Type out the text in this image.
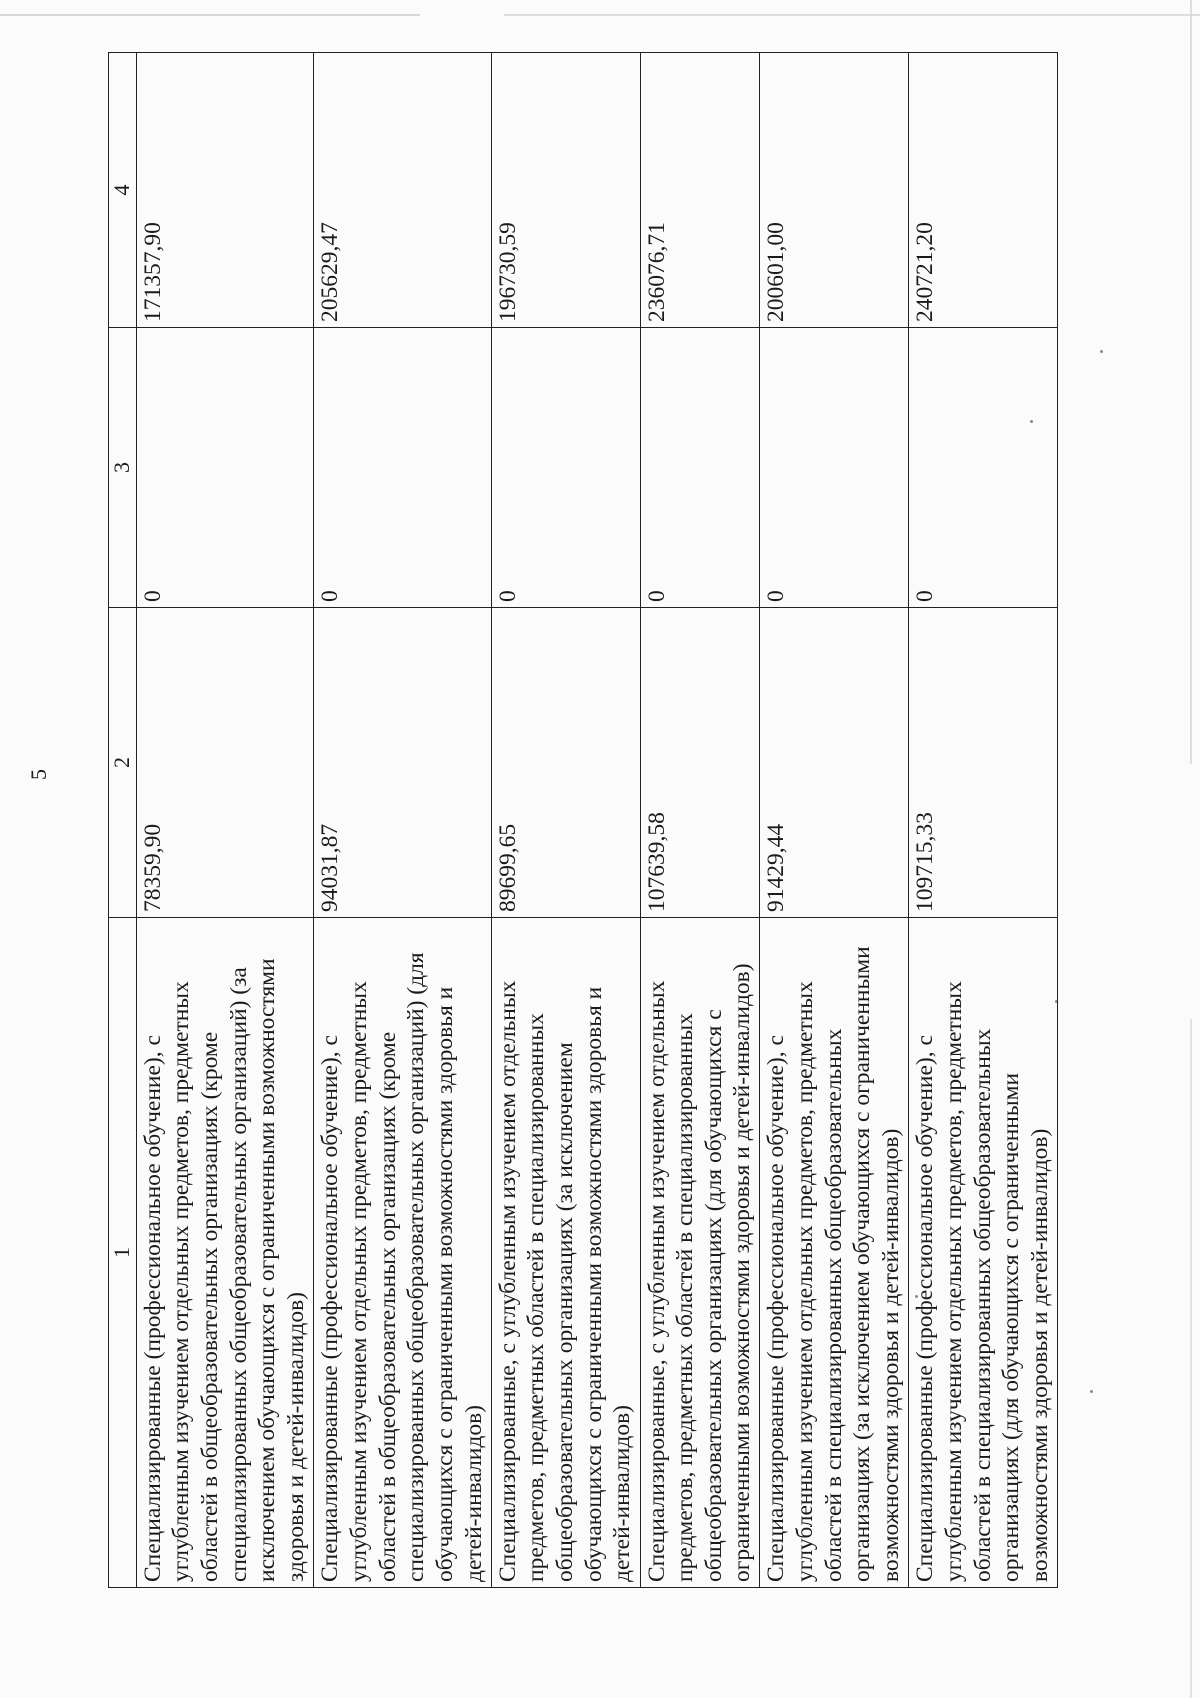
5
1	2	3	4
Специализированные (профессиональное обучение), с углубленным изучением отдельных предметов, предметных областей в общеобразовательных организациях (кроме специализированных общеобразовательных организаций) (за исключением обучающихся с ограниченными возможностями здоровья и детей-инвалидов)	78359,90	0	171357,90
Специализированные (профессиональное обучение), с углубленным изучением отдельных предметов, предметных областей в общеобразовательных организациях (кроме специализированных общеобразовательных организаций) (для обучающихся с ограниченными возможностями здоровья и детей-инвалидов)	94031,87	0	205629,47
Специализированные, с углубленным изучением отдельных предметов, предметных областей в специализированных общеобразовательных организациях (за исключением обучающихся с ограниченными возможностями здоровья и детей-инвалидов)	89699,65	0	196730,59
Специализированные, с углубленным изучением отдельных предметов, предметных областей в специализированных общеобразовательных организациях (для обучающихся с ограниченными возможностями здоровья и детей-инвалидов)	107639,58	0	236076,71
Специализированные (профессиональное обучение), с углубленным изучением отдельных предметов, предметных областей в специализированных общеобразовательных организациях (за исключением обучающихся с ограниченными возможностями здоровья и детей-инвалидов)	91429,44	0	200601,00
Специализированные (профессиональное обучение), с углубленным изучением отдельных предметов, предметных областей в специализированных общеобразовательных организациях (для обучающихся с ограниченными возможностями здоровья и детей-инвалидов)	109715,33	0	240721,20
